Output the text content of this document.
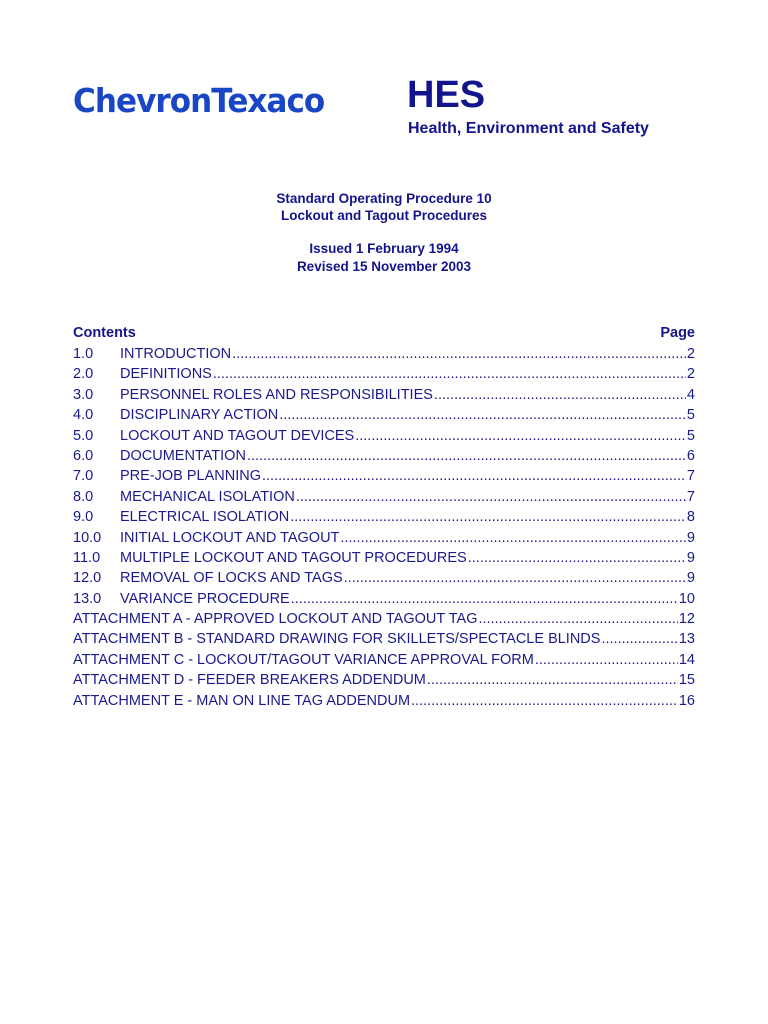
ChevronTexaco HES
Health, Environment and Safety
Standard Operating Procedure 10
Lockout and Tagout Procedures
Issued 1 February 1994
Revised 15 November 2003
Contents	Page
1.0	INTRODUCTION .....	2
2.0	DEFINITIONS .....	2
3.0	PERSONNEL ROLES AND RESPONSIBILITIES .....	4
4.0	DISCIPLINARY ACTION .....	5
5.0	LOCKOUT AND TAGOUT DEVICES .....	5
6.0	DOCUMENTATION .....	6
7.0	PRE-JOB PLANNING .....	7
8.0	MECHANICAL ISOLATION .....	7
9.0	ELECTRICAL ISOLATION .....	8
10.0	INITIAL LOCKOUT AND TAGOUT .....	9
11.0	MULTIPLE LOCKOUT AND TAGOUT PROCEDURES .....	9
12.0	REMOVAL OF LOCKS AND TAGS .....	9
13.0	VARIANCE PROCEDURE .....	10
ATTACHMENT A - APPROVED LOCKOUT AND TAGOUT TAG .....	12
ATTACHMENT B - STANDARD DRAWING FOR SKILLETS/SPECTACLE BLINDS .....	13
ATTACHMENT C - LOCKOUT/TAGOUT VARIANCE APPROVAL FORM .....	14
ATTACHMENT D - FEEDER BREAKERS ADDENDUM .....	15
ATTACHMENT E - MAN ON LINE TAG ADDENDUM .....	16
